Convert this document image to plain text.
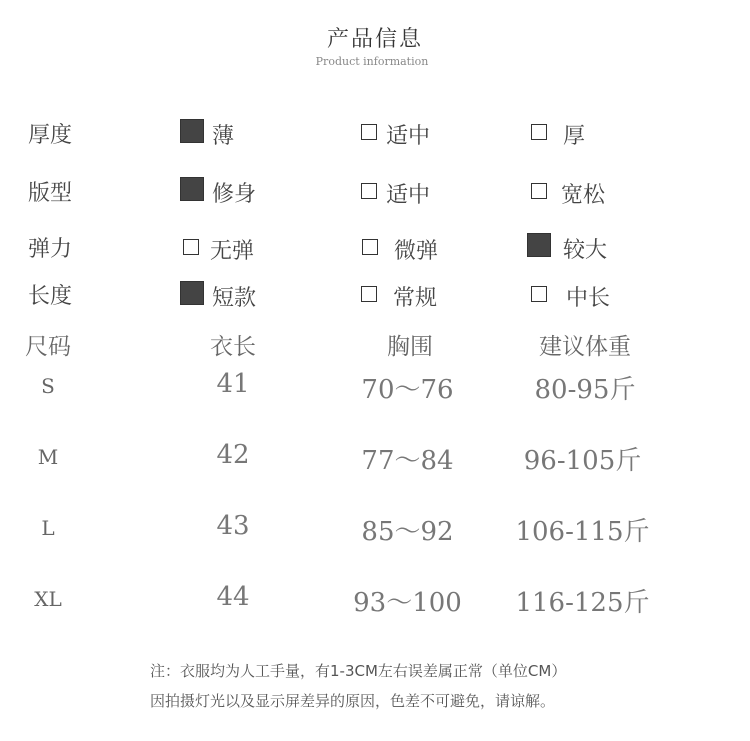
产品信息
Product information
厚度	薄	适中	厚
版型	修身	适中	宽松
弹力	无弹	微弹	较大
长度	短款	常规	中长
尺码	衣长	胸围	建议体重
S	41	70～76	80-95斤
M	42	77～84	96-105斤
L	43	85～92	106-115斤
XL	44	93～100	116-125斤
注：衣服均为人工手量，有1-3CM左右误差属正常（单位CM）
因拍摄灯光以及显示屏差异的原因，色差不可避免，请谅解。
